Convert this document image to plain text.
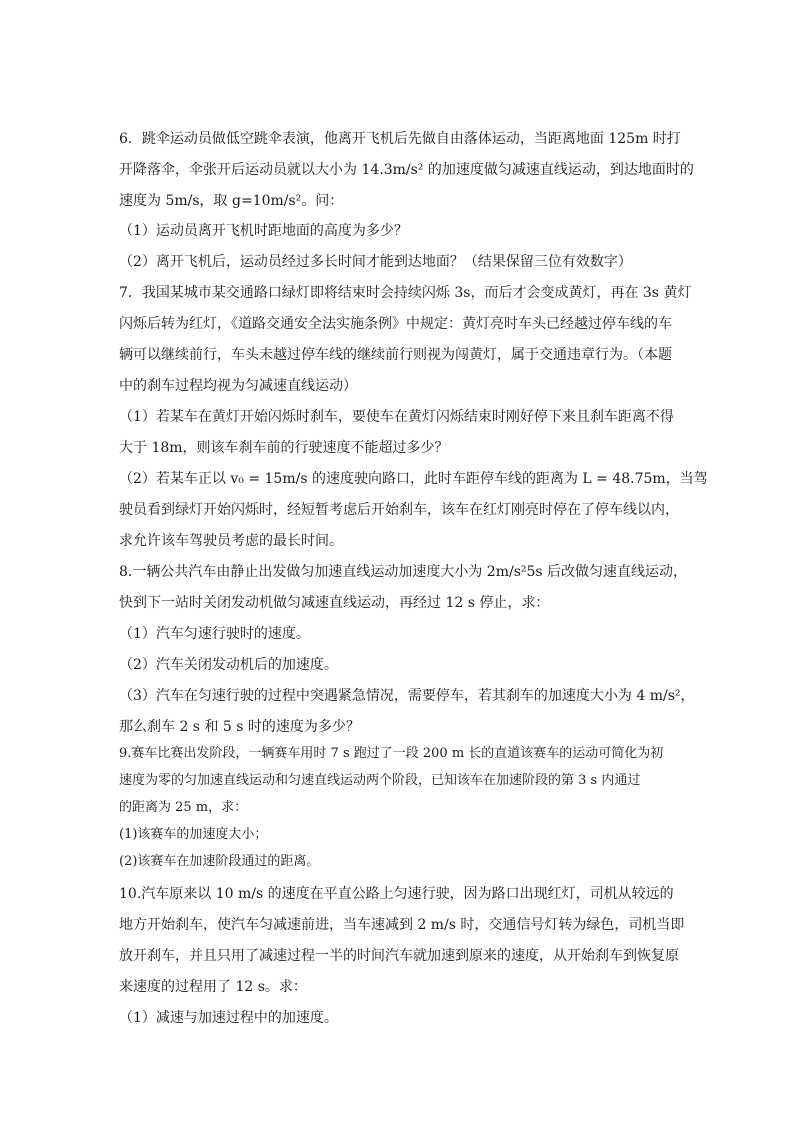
6．跳伞运动员做低空跳伞表演，他离开飞机后先做自由落体运动，当距离地面 125m 时打
开降落伞，伞张开后运动员就以大小为 14.3m/s² 的加速度做匀减速直线运动，到达地面时的
速度为 5m/s，取 g=10m/s²。问：
（1）运动员离开飞机时距地面的高度为多少？
（2）离开飞机后，运动员经过多长时间才能到达地面？（结果保留三位有效数字）
7．我国某城市某交通路口绿灯即将结束时会持续闪烁 3s，而后才会变成黄灯，再在 3s 黄灯
闪烁后转为红灯，《道路交通安全法实施条例》中规定：黄灯亮时车头已经越过停车线的车
辆可以继续前行，车头未越过停车线的继续前行则视为闯黄灯，属于交通违章行为。（本题
中的刹车过程均视为匀减速直线运动）
（1）若某车在黄灯开始闪烁时刹车，要使车在黄灯闪烁结束时刚好停下来且刹车距离不得
大于 18m，则该车刹车前的行驶速度不能超过多少？
（2）若某车正以 v₀ = 15m/s 的速度驶向路口，此时车距停车线的距离为 L = 48.75m，当驾
驶员看到绿灯开始闪烁时，经短暂考虑后开始刹车，该车在红灯刚亮时停在了停车线以内，
求允许该车驾驶员考虑的最长时间。
8.一辆公共汽车由静止出发做匀加速直线运动加速度大小为 2m/s²5s 后改做匀速直线运动，
快到下一站时关闭发动机做匀减速直线运动，再经过 12 s 停止，求：
（1）汽车匀速行驶时的速度。
（2）汽车关闭发动机后的加速度。
（3）汽车在匀速行驶的过程中突遇紧急情况，需要停车，若其刹车的加速度大小为 4 m/s²，
那么刹车 2 s 和 5 s 时的速度为多少？
9.赛车比赛出发阶段，一辆赛车用时 7 s 跑过了一段 200 m 长的直道该赛车的运动可简化为初
速度为零的匀加速直线运动和匀速直线运动两个阶段，已知该车在加速阶段的第 3 s 内通过
的距离为 25 m，求：
(1)该赛车的加速度大小；
(2)该赛车在加速阶段通过的距离。
10.汽车原来以 10 m/s 的速度在平直公路上匀速行驶，因为路口出现红灯，司机从较远的
地方开始刹车，使汽车匀减速前进，当车速减到 2 m/s 时，交通信号灯转为绿色，司机当即
放开刹车，并且只用了减速过程一半的时间汽车就加速到原来的速度，从开始刹车到恢复原
来速度的过程用了 12 s。求：
（1）减速与加速过程中的加速度。
